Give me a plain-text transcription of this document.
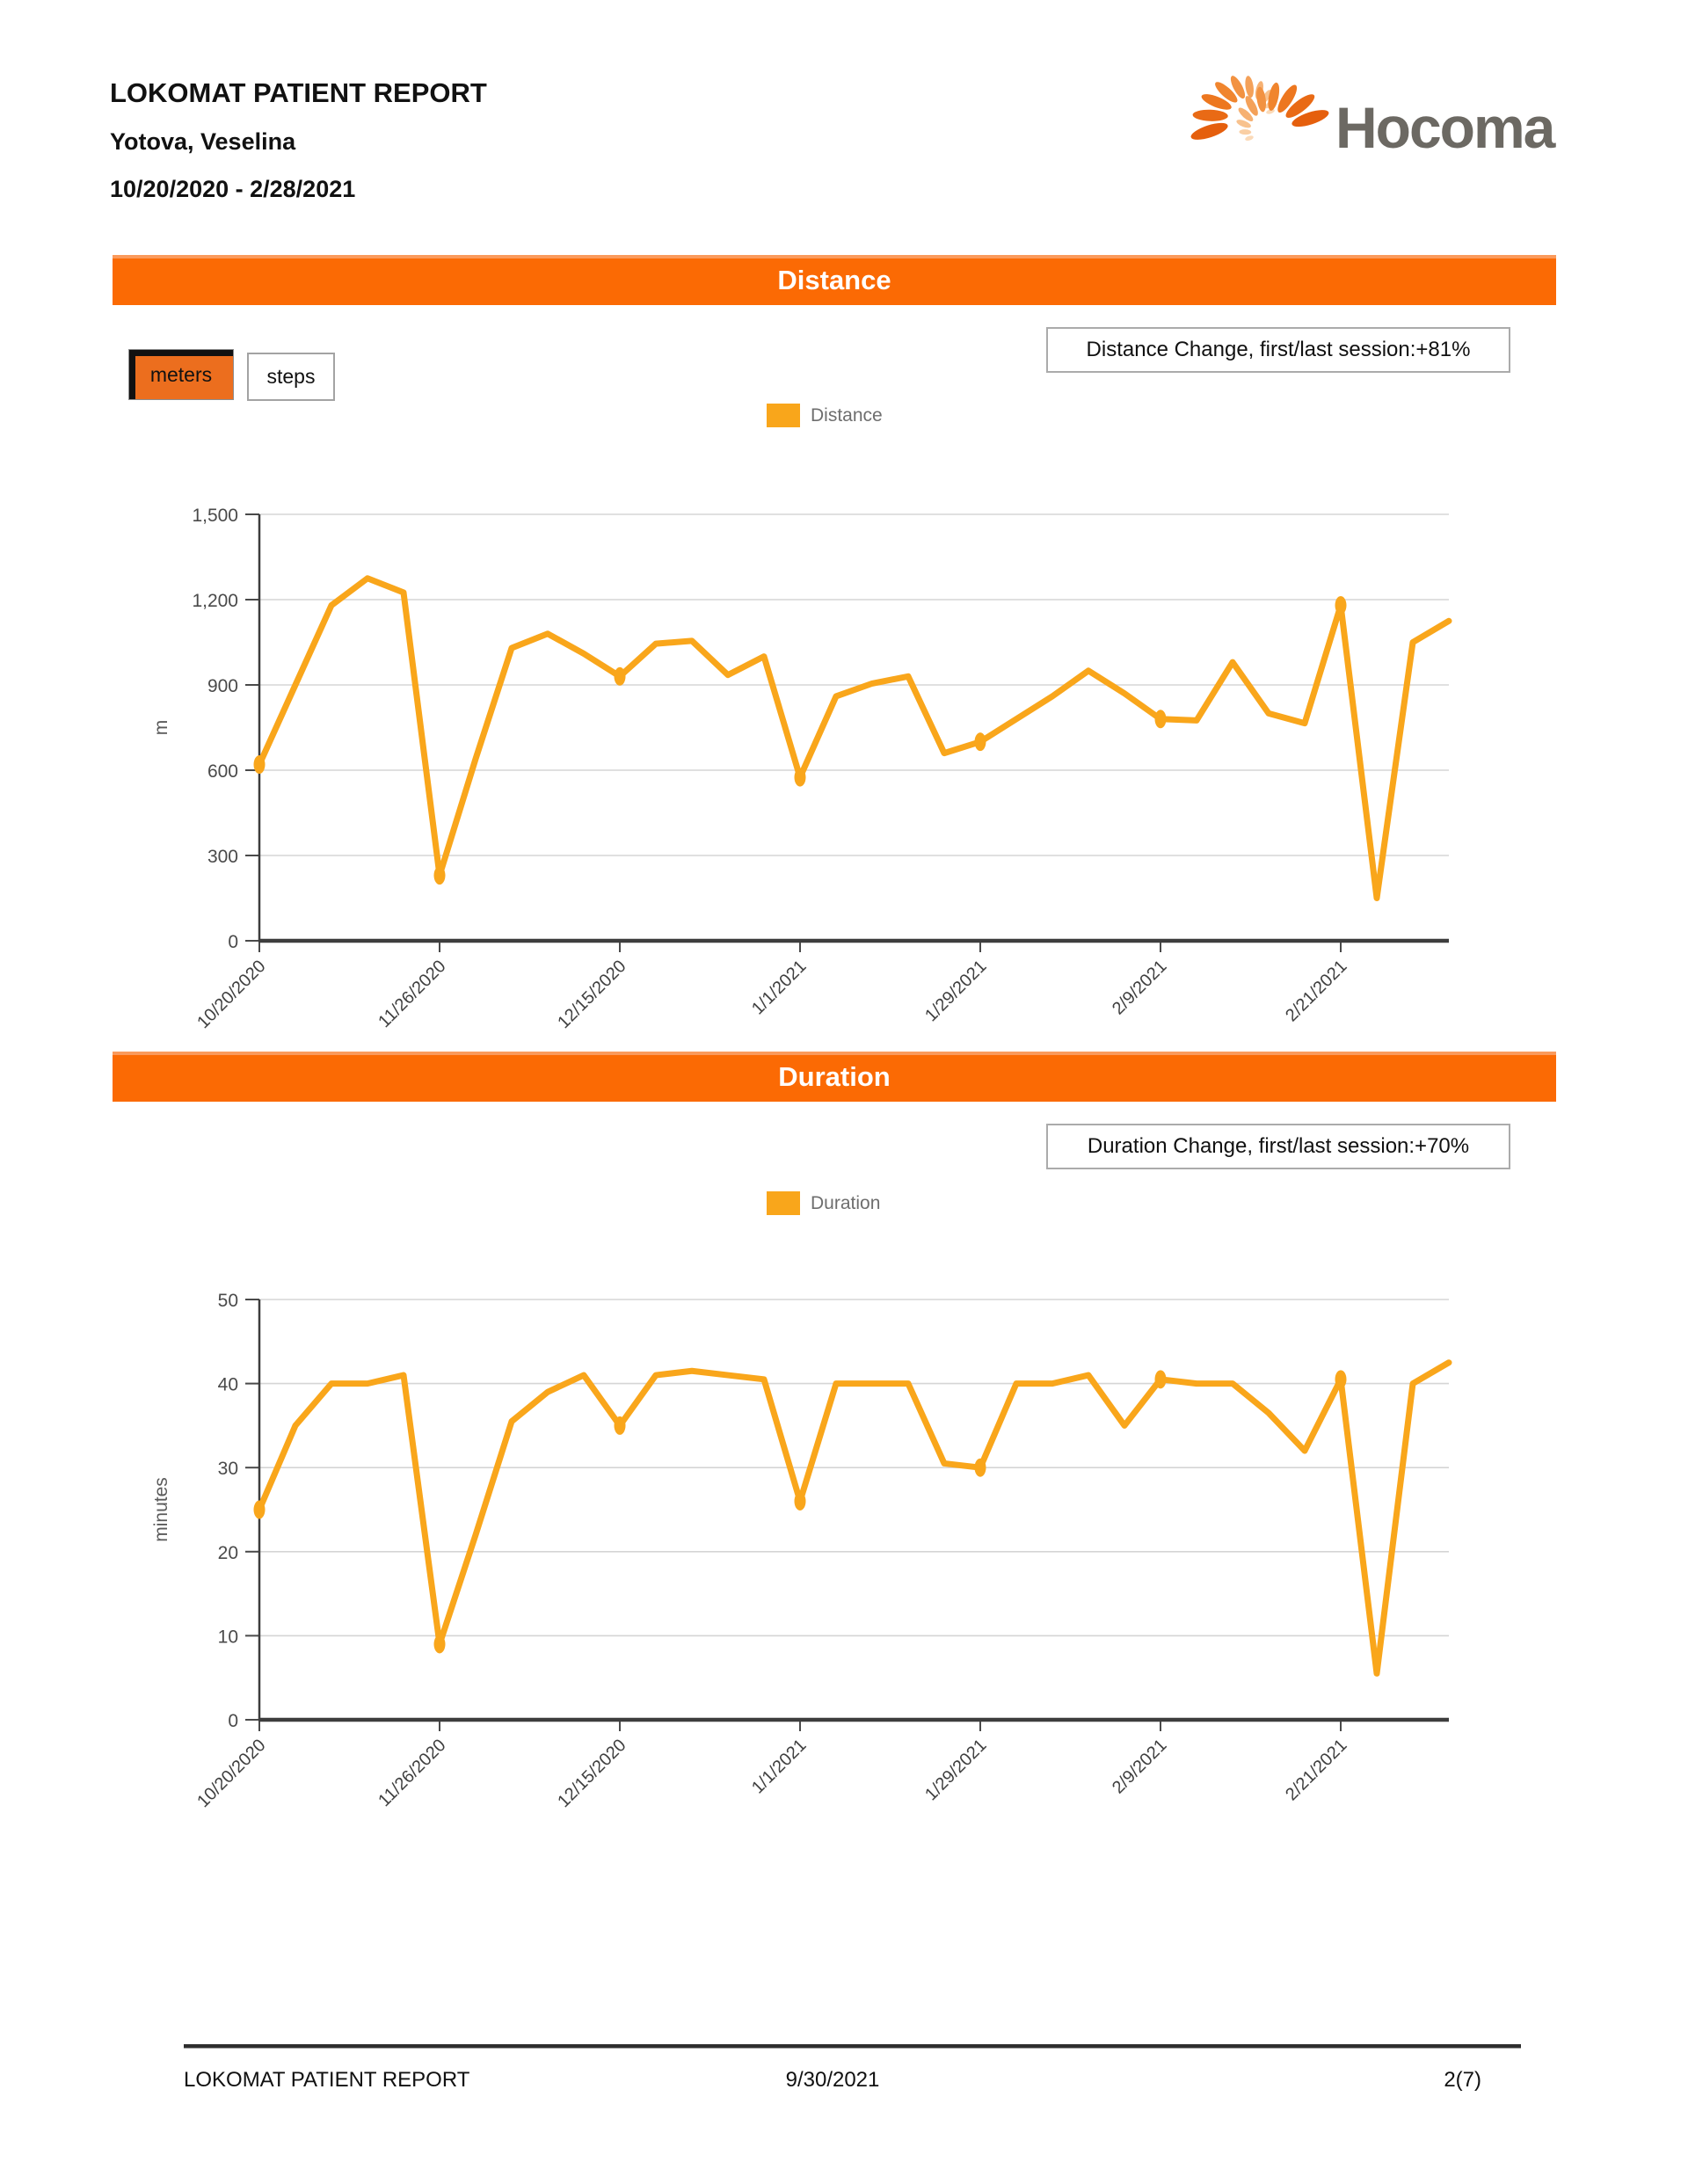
LOKOMAT PATIENT REPORT
Yotova, Veselina
10/20/2020 - 2/28/2021
Hocoma
Distance
meters	steps
Distance Change, first/last session:+81%
Distance
0
300
600
900
1,200
1,500
10/20/2020	11/26/2020	12/15/2020	1/1/2021	1/29/2021	2/9/2021	2/21/2021
m
Duration
Duration Change, first/last session:+70%
Duration
0
10
20
30
40
50
10/20/2020	11/26/2020	12/15/2020	1/1/2021	1/29/2021	2/9/2021	2/21/2021
minutes
LOKOMAT PATIENT REPORT	9/30/2021	2(7)
